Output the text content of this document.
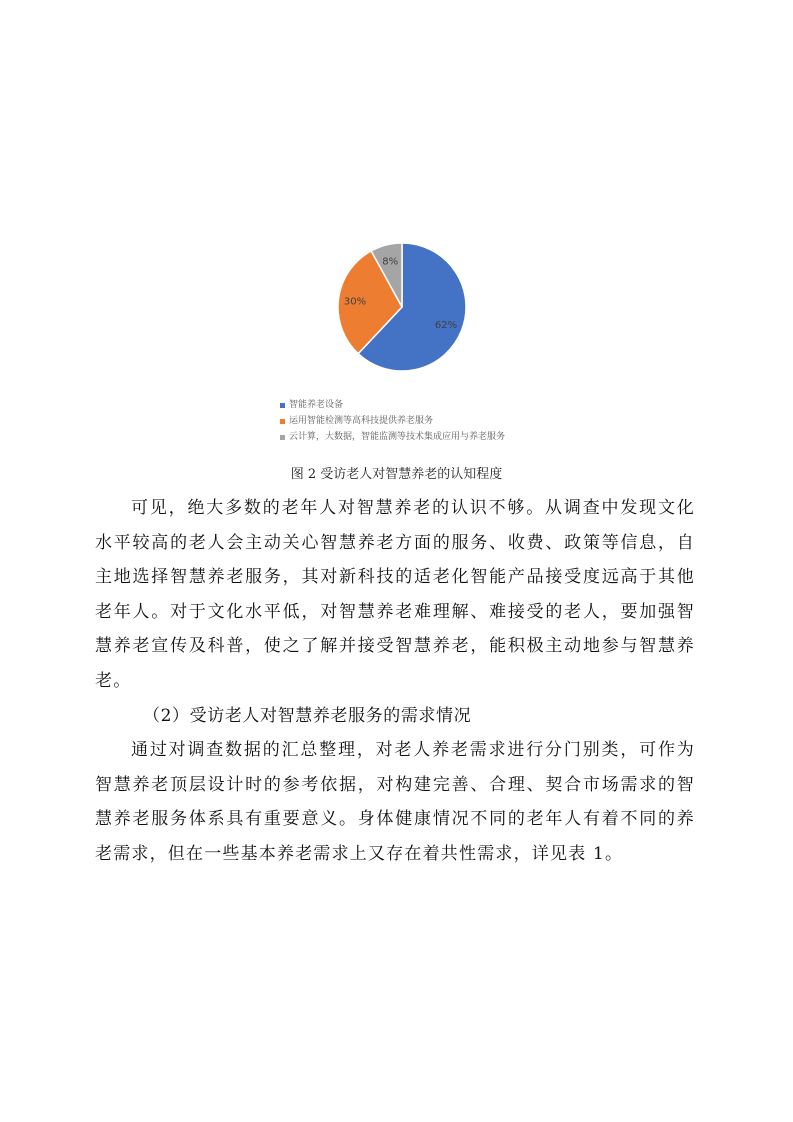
62%
30%
8%
智能养老设备
运用智能检测等高科技提供养老服务
云计算，大数据，智能监测等技术集成应用与养老服务
图 2 受访老人对智慧养老的认知程度

可见，绝大多数的老年人对智慧养老的认识不够。从调查中发现文化水平较高的老人会主动关心智慧养老方面的服务、收费、政策等信息，自主地选择智慧养老服务，其对新科技的适老化智能产品接受度远高于其他老年人。对于文化水平低，对智慧养老难理解、难接受的老人，要加强智慧养老宣传及科普，使之了解并接受智慧养老，能积极主动地参与智慧养老。

（2）受访老人对智慧养老服务的需求情况

通过对调查数据的汇总整理，对老人养老需求进行分门别类，可作为智慧养老顶层设计时的参考依据，对构建完善、合理、契合市场需求的智慧养老服务体系具有重要意义。身体健康情况不同的老年人有着不同的养老需求，但在一些基本养老需求上又存在着共性需求，详见表 1。
